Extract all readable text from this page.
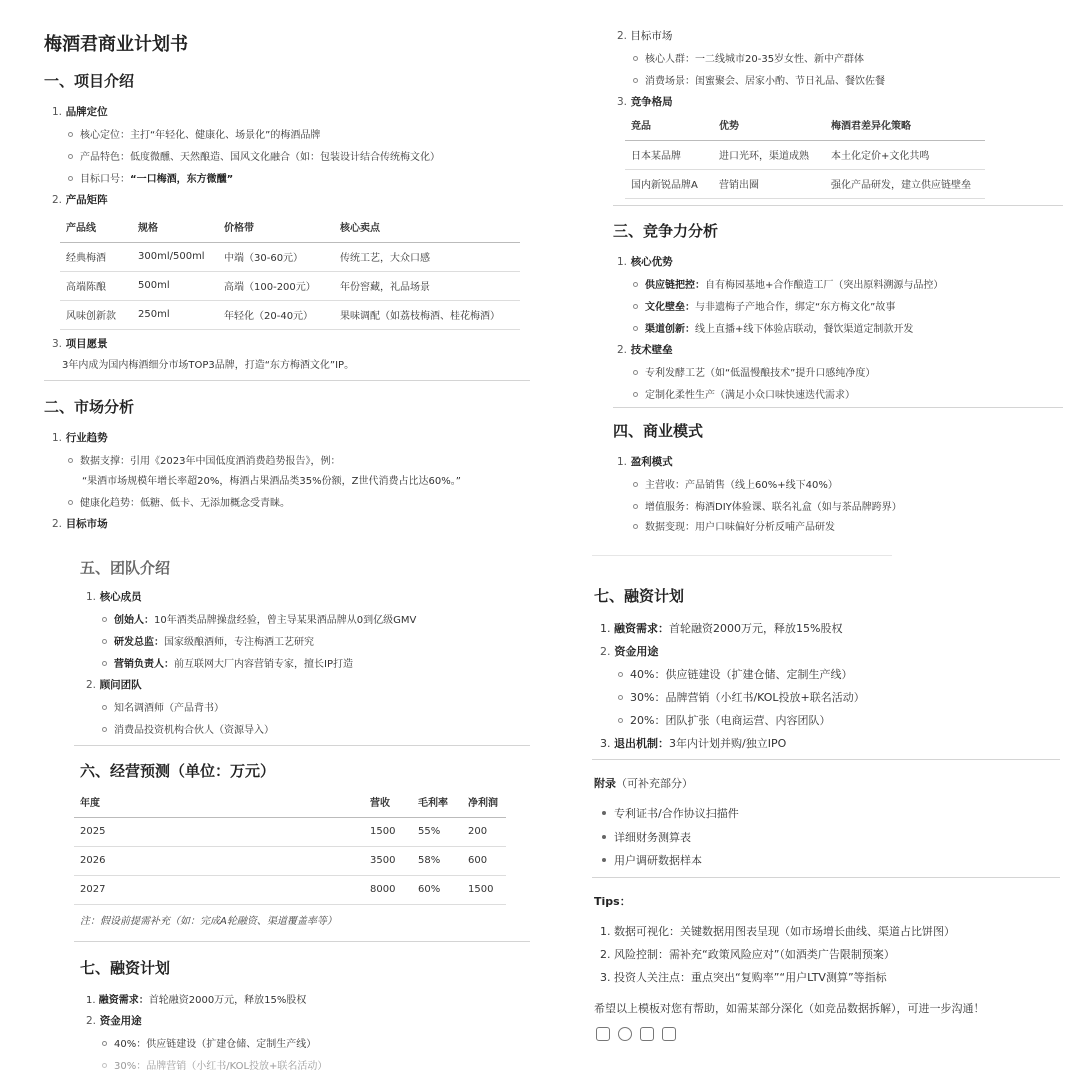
梅酒君商业计划书
一、项目介绍
1. 品牌定位
核心定位：主打“年轻化、健康化、场景化”的梅酒品牌
产品特色：低度微醺、天然酿造、国风文化融合（如：包装设计结合传统梅文化）
目标口号：“一口梅酒，东方微醺”
2. 产品矩阵
产品线	规格	价格带	核心卖点
经典梅酒	300ml/500ml	中端（30-60元）	传统工艺，大众口感
高端陈酿	500ml	高端（100-200元）	年份窖藏，礼品场景
风味创新款	250ml	年轻化（20-40元）	果味调配（如荔枝梅酒、桂花梅酒）
3. 项目愿景
3年内成为国内梅酒细分市场TOP3品牌，打造“东方梅酒文化”IP。
二、市场分析
1. 行业趋势
数据支撑：引用《2023年中国低度酒消费趋势报告》，例：
“果酒市场规模年增长率超20%，梅酒占果酒品类35%份额，Z世代消费占比达60%。”
健康化趋势：低糖、低卡、无添加概念受青睐。
2. 目标市场
2. 目标市场
核心人群：一二线城市20-35岁女性、新中产群体
消费场景：闺蜜聚会、居家小酌、节日礼品、餐饮佐餐
3. 竞争格局
竞品	优势	梅酒君差异化策略
日本某品牌	进口光环，渠道成熟	本土化定价+文化共鸣
国内新锐品牌A	营销出圈	强化产品研发，建立供应链壁垒
三、竞争力分析
1. 核心优势
供应链把控：自有梅园基地+合作酿造工厂（突出原料溯源与品控）
文化壁垒：与非遗梅子产地合作，绑定“东方梅文化”故事
渠道创新：线上直播+线下体验店联动，餐饮渠道定制款开发
2. 技术壁垒
专利发酵工艺（如“低温慢酿技术”提升口感纯净度）
定制化柔性生产（满足小众口味快速迭代需求）
四、商业模式
1. 盈利模式
主营收：产品销售（线上60%+线下40%）
增值服务：梅酒DIY体验课、联名礼盒（如与茶品牌跨界）
数据变现：用户口味偏好分析反哺产品研发
五、团队介绍
1. 核心成员
创始人：10年酒类品牌操盘经验，曾主导某果酒品牌从0到亿级GMV
研发总监：国家级酿酒师，专注梅酒工艺研究
营销负责人：前互联网大厂内容营销专家，擅长IP打造
2. 顾问团队
知名调酒师（产品背书）
消费品投资机构合伙人（资源导入）
六、经营预测（单位：万元）
年度	营收	毛利率	净利润
2025	1500	55%	200
2026	3500	58%	600
2027	8000	60%	1500
注：假设前提需补充（如：完成A轮融资、渠道覆盖率等）
七、融资计划
1. 融资需求：首轮融资2000万元，释放15%股权
2. 资金用途
40%：供应链建设（扩建仓储、定制生产线）
30%：品牌营销（小红书/KOL投放+联名活动）
七、融资计划
1. 融资需求：首轮融资2000万元，释放15%股权
2. 资金用途
40%：供应链建设（扩建仓储、定制生产线）
30%：品牌营销（小红书/KOL投放+联名活动）
20%：团队扩张（电商运营、内容团队）
3. 退出机制：3年内计划并购/独立IPO
附录（可补充部分）
专利证书/合作协议扫描件
详细财务测算表
用户调研数据样本
Tips：
1. 数据可视化：关键数据用图表呈现（如市场增长曲线、渠道占比饼图）
2. 风险控制：需补充“政策风险应对”（如酒类广告限制预案）
3. 投资人关注点：重点突出“复购率”“用户LTV测算”等指标
希望以上模板对您有帮助，如需某部分深化（如竞品数据拆解），可进一步沟通！
